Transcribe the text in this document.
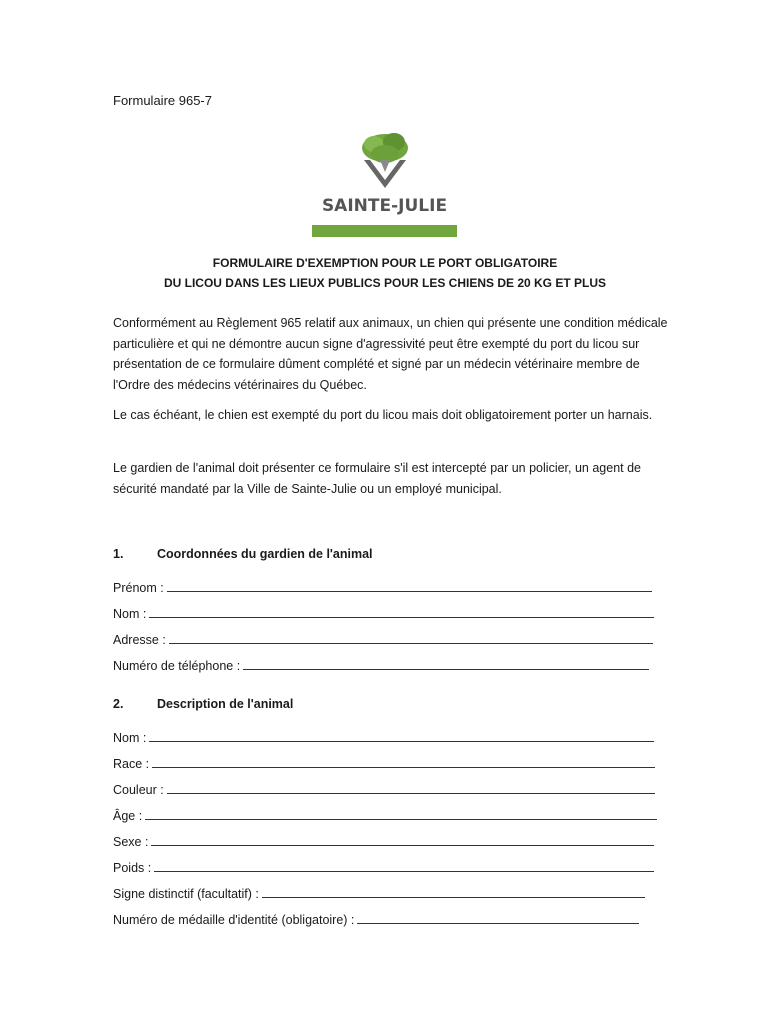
Formulaire 965-7
SAINTE-JULIE
FORMULAIRE D'EXEMPTION POUR LE PORT OBLIGATOIRE
DU LICOU DANS LES LIEUX PUBLICS POUR LES CHIENS DE 20 KG ET PLUS

Conformément au Règlement 965 relatif aux animaux, un chien qui présente une condition médicale particulière et qui ne démontre aucun signe d'agressivité peut être exempté du port du licou sur présentation de ce formulaire dûment complété et signé par un médecin vétérinaire membre de l'Ordre des médecins vétérinaires du Québec.

Le cas échéant, le chien est exempté du port du licou mais doit obligatoirement porter un harnais.

Le gardien de l'animal doit présenter ce formulaire s'il est intercepté par un policier, un agent de sécurité mandaté par la Ville de Sainte-Julie ou un employé municipal.

1.	Coordonnées du gardien de l'animal
Prénom :
Nom :
Adresse :
Numéro de téléphone :
2.	Description de l'animal
Nom :
Race :
Couleur :
Âge :
Sexe :
Poids :
Signe distinctif (facultatif) :
Numéro de médaille d'identité (obligatoire) :
